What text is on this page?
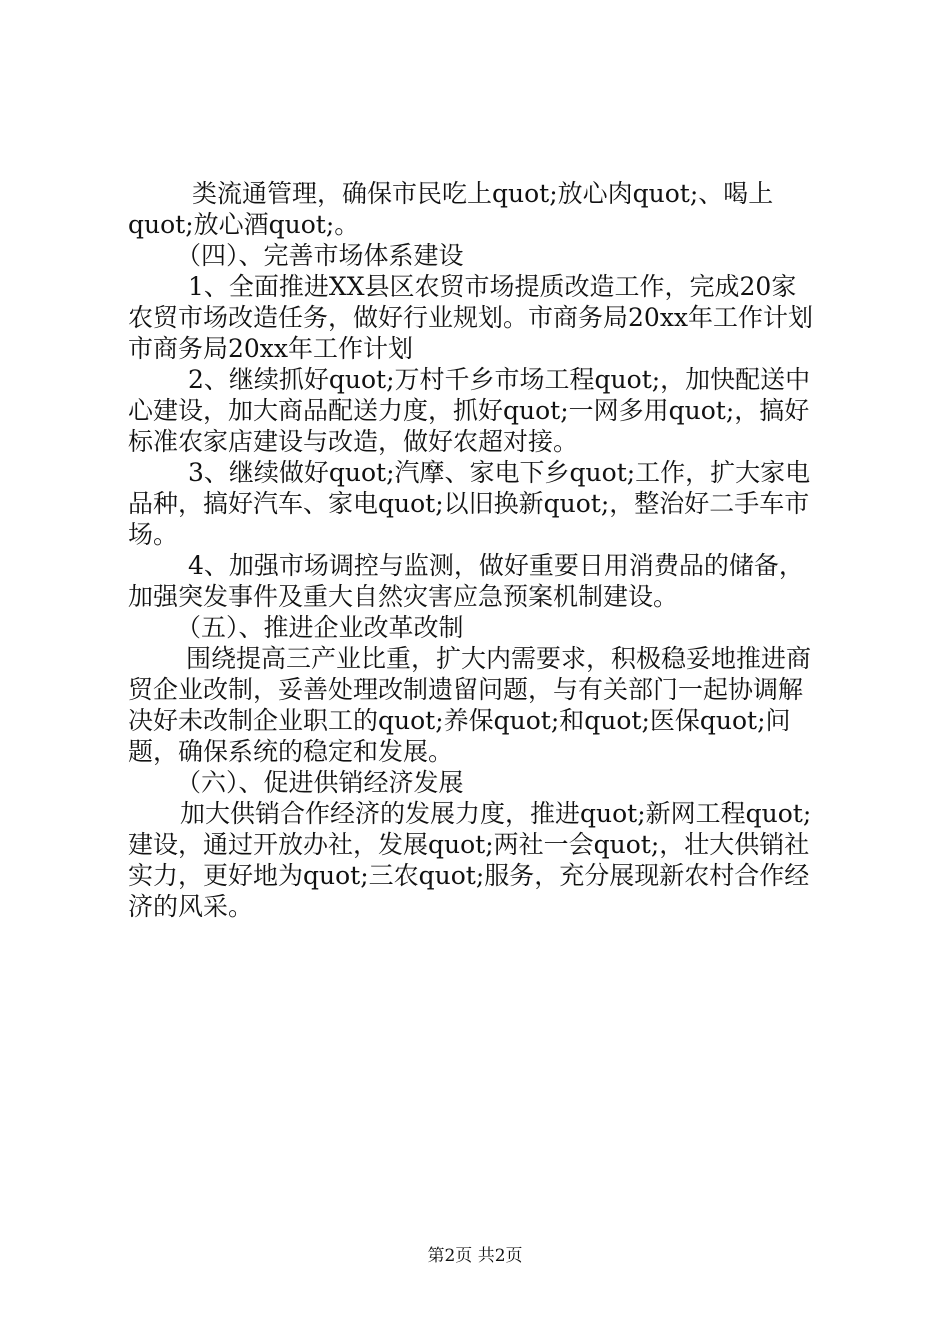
类流通管理，确保市民吃上quot;放心肉quot;、喝上
quot;放心酒quot;。
（四）、完善市场体系建设
1、全面推进XX县区农贸市场提质改造工作，完成20家
农贸市场改造任务，做好行业规划。市商务局20xx年工作计划
市商务局20xx年工作计划
2、继续抓好quot;万村千乡市场工程quot;，加快配送中
心建设，加大商品配送力度，抓好quot;一网多用quot;，搞好
标准农家店建设与改造，做好农超对接。
3、继续做好quot;汽摩、家电下乡quot;工作，扩大家电
品种，搞好汽车、家电quot;以旧换新quot;，整治好二手车市
场。
4、加强市场调控与监测，做好重要日用消费品的储备，
加强突发事件及重大自然灾害应急预案机制建设。
（五）、推进企业改革改制
围绕提高三产业比重，扩大内需要求，积极稳妥地推进商
贸企业改制，妥善处理改制遗留问题，与有关部门一起协调解
决好未改制企业职工的quot;养保quot;和quot;医保quot;问
题，确保系统的稳定和发展。
（六）、促进供销经济发展
加大供销合作经济的发展力度，推进quot;新网工程quot;
建设，通过开放办社，发展quot;两社一会quot;，壮大供销社
实力，更好地为quot;三农quot;服务，充分展现新农村合作经
济的风采。
第2页 共2页
